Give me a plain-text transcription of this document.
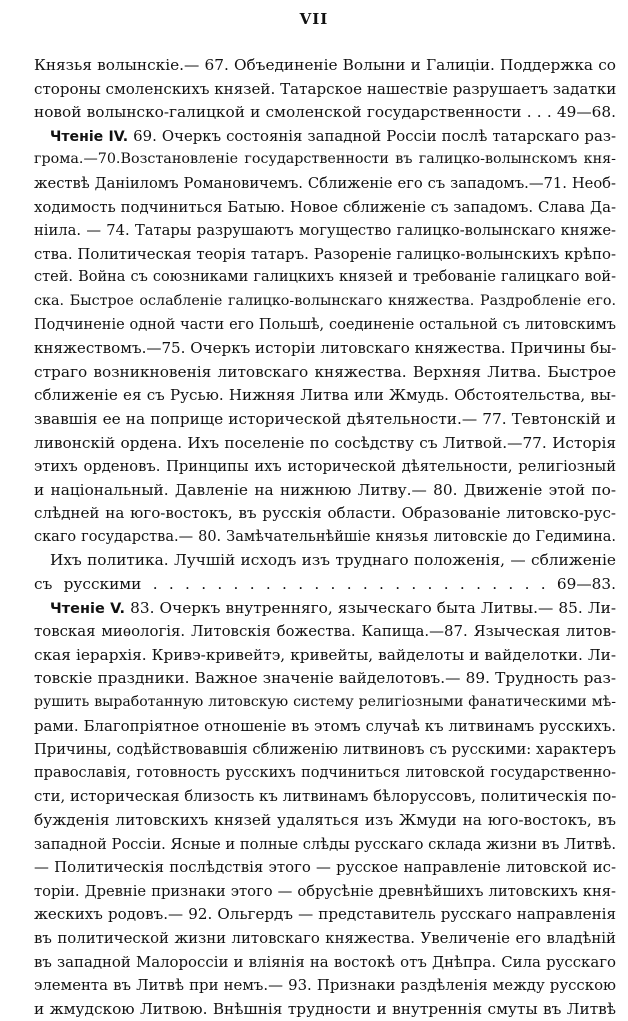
VII
Князья волынскіе.— 67. Объединеніе Волыни и Галиціи. Поддержка со
стороны смоленскихъ князей. Татарское нашествіе разрушаетъ задатки
новой волынско-галицкой и смоленской государственности . . . 49—68.
Чтеніе IV. 69. Очеркъ состоянія западной Россіи послѣ татарскаго раз-
грома.—70.Возстановленіе государственности въ галицко-волынскомъ кня-
жествѣ Даніиломъ Романовичемъ. Сближеніе его съ западомъ.—71. Необ-
ходимость подчиниться Батыю. Новое сближеніе съ западомъ. Слава Да-
ніила. — 74. Татары разрушаютъ могущество галицко-волынскаго княже-
ства. Политическая теорія татаръ. Разореніе галицко-волынскихъ крѣпо-
стей. Война съ союзниками галицкихъ князей и требованіе галицкаго вой-
ска. Быстрое ослабленіе галицко-волынскаго княжества. Раздробленіе его.
Подчиненіе одной части его Польшѣ, соединеніе остальной съ литовскимъ
княжествомъ.—75. Очеркъ исторіи литовскаго княжества. Причины бы-
страго возникновенія литовскаго княжества. Верхняя Литва. Быстрое
сближеніе ея съ Русью. Нижняя Литва или Жмудь. Обстоятельства, вы-
звавшія ее на поприще исторической дѣятельности.— 77. Тевтонскій и
ливонскій ордена. Ихъ поселеніе по сосѣдству съ Литвой.—77. Исторія
этихъ орденовъ. Принципы ихъ исторической дѣятельности, религіозный
и національный. Давленіе на нижнюю Литву.— 80. Движеніе этой по-
слѣдней на юго-востокъ, въ русскія области. Образованіе литовско-рус-
скаго государства.— 80. Замѣчательнѣйшіе князья литовскіе до Гедимина.
Ихъ политика. Лучшій исходъ изъ труднаго положенія, — сближеніе
съ русскими . . . . . . . . . . . . . . . . . . . . . . . . . 69—83.
Чтеніе V. 83. Очеркъ внутренняго, языческаго быта Литвы.— 85. Ли-
товская миѳологія. Литовскія божества. Капища.—87. Языческая литов-
ская іерархія. Кривэ-кривейтэ, кривейты, вайделоты и вайделотки. Ли-
товскіе праздники. Важное значеніе вайделотовъ.— 89. Трудность раз-
рушить выработанную литовскую систему религіозными фанатическими мѣ-
рами. Благопріятное отношеніе въ этомъ случаѣ къ литвинамъ русскихъ.
Причины, содѣйствовавшія сближенію литвиновъ съ русскими: характеръ
православія, готовность русскихъ подчиниться литовской государственно-
сти, историческая близость къ литвинамъ бѣлоруссовъ, политическія по-
бужденія литовскихъ князей удаляться изъ Жмуди на юго-востокъ, въ
западной Россіи. Ясные и полные слѣды русскаго склада жизни въ Литвѣ.
— Политическія послѣдствія этого — русское направленіе литовской ис-
торіи. Древніе признаки этого — обрусѣніе древнѣйшихъ литовскихъ кня-
жескихъ родовъ.— 92. Ольгердъ — представитель русскаго направленія
въ политической жизни литовскаго княжества. Увеличеніе его владѣній
въ западной Малороссіи и вліянія на востокѣ отъ Днѣпра. Сила русскаго
элемента въ Литвѣ при немъ.— 93. Признаки раздѣленія между русскою
и жмудскою Литвою. Внѣшнія трудности и внутреннія смуты въ Литвѣ
